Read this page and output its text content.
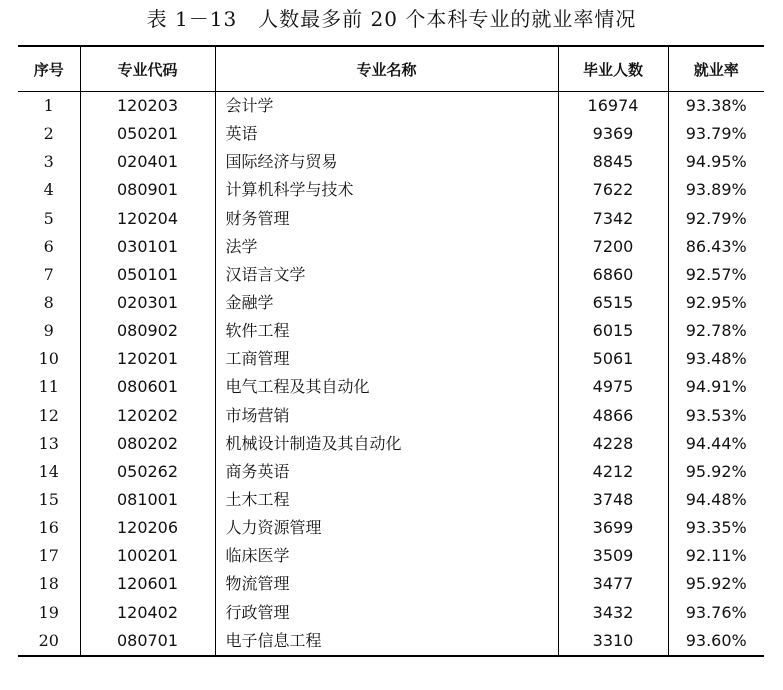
表 1－13　人数最多前 20 个本科专业的就业率情况
序号	专业代码	专业名称	毕业人数	就业率
1	120203	会计学	16974	93.38%
2	050201	英语	9369	93.79%
3	020401	国际经济与贸易	8845	94.95%
4	080901	计算机科学与技术	7622	93.89%
5	120204	财务管理	7342	92.79%
6	030101	法学	7200	86.43%
7	050101	汉语言文学	6860	92.57%
8	020301	金融学	6515	92.95%
9	080902	软件工程	6015	92.78%
10	120201	工商管理	5061	93.48%
11	080601	电气工程及其自动化	4975	94.91%
12	120202	市场营销	4866	93.53%
13	080202	机械设计制造及其自动化	4228	94.44%
14	050262	商务英语	4212	95.92%
15	081001	土木工程	3748	94.48%
16	120206	人力资源管理	3699	93.35%
17	100201	临床医学	3509	92.11%
18	120601	物流管理	3477	95.92%
19	120402	行政管理	3432	93.76%
20	080701	电子信息工程	3310	93.60%
